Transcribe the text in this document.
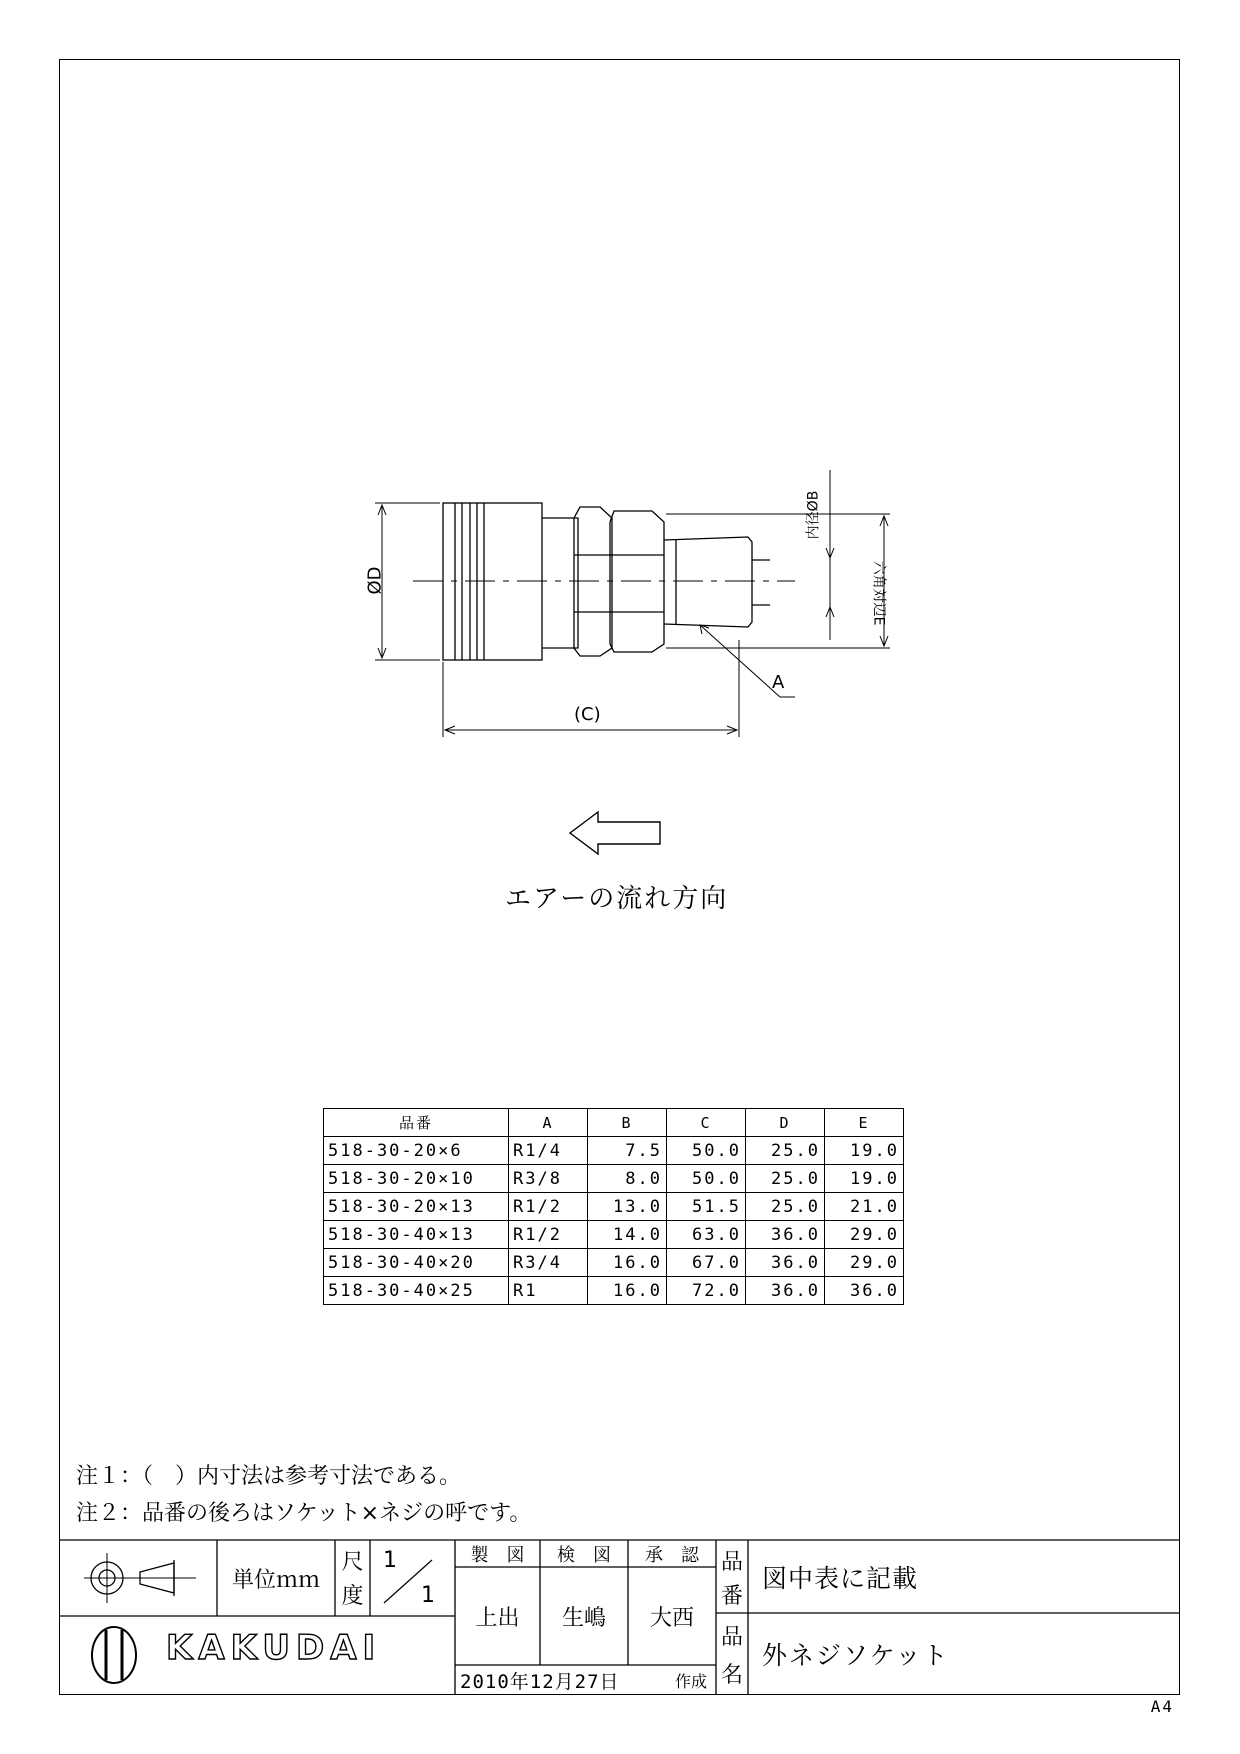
ØD
(C)
内径ØB
六角対辺E
A
エアーの流れ方向
品番	A	B	C	D	E
518-30-20×6	R1/4	7.5	50.0	25.0	19.0
518-30-20×10	R3/8	8.0	50.0	25.0	19.0
518-30-20×13	R1/2	13.0	51.5	25.0	21.0
518-30-40×13	R1/2	14.0	63.0	36.0	29.0
518-30-40×20	R3/4	16.0	67.0	36.0	29.0
518-30-40×25	R1	16.0	72.0	36.0	36.0
注１：（　）内寸法は参考寸法である。
注２：品番の後ろはソケット×ネジの呼です。
単位ｍｍ
尺
度
1
1
製　図	検　図	承　認
上出	生嶋	大西
品
番
図中表に記載
品
名
外ネジソケット
2010年12月27日	作成
KAKUDAI
A4
